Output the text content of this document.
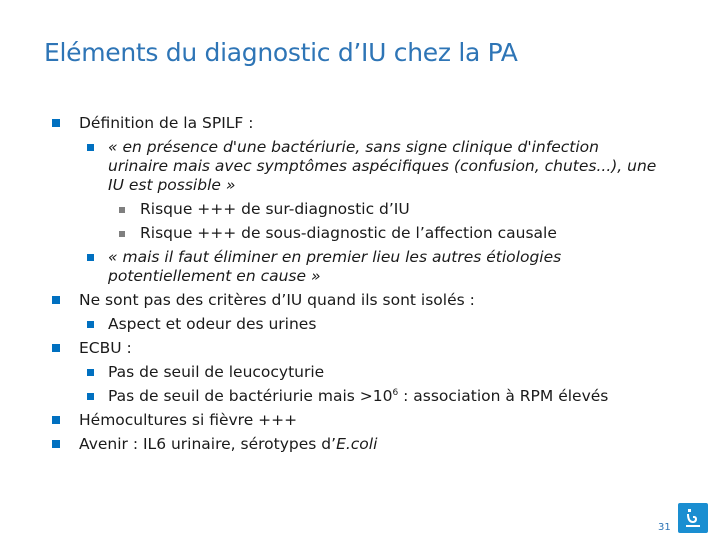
Eléments du diagnostic d’IU chez la PA
Définition de la SPILF :
« en présence d'une bactériurie, sans signe clinique d'infection
urinaire mais avec symptômes aspécifiques (confusion, chutes...), une
IU est possible »
Risque +++ de sur-diagnostic d’IU
Risque +++ de sous-diagnostic de l’affection causale
« mais il faut éliminer en premier lieu les autres étiologies
potentiellement en cause »
Ne sont pas des critères d’IU quand ils sont isolés :
Aspect et odeur des urines
ECBU :
Pas de seuil de leucocyturie
Pas de seuil de bactériurie mais $>10^6$ : association à RPM élevés
Hémocultures si fièvre +++
Avenir : IL6 urinaire, sérotypes d’E.coli
31
